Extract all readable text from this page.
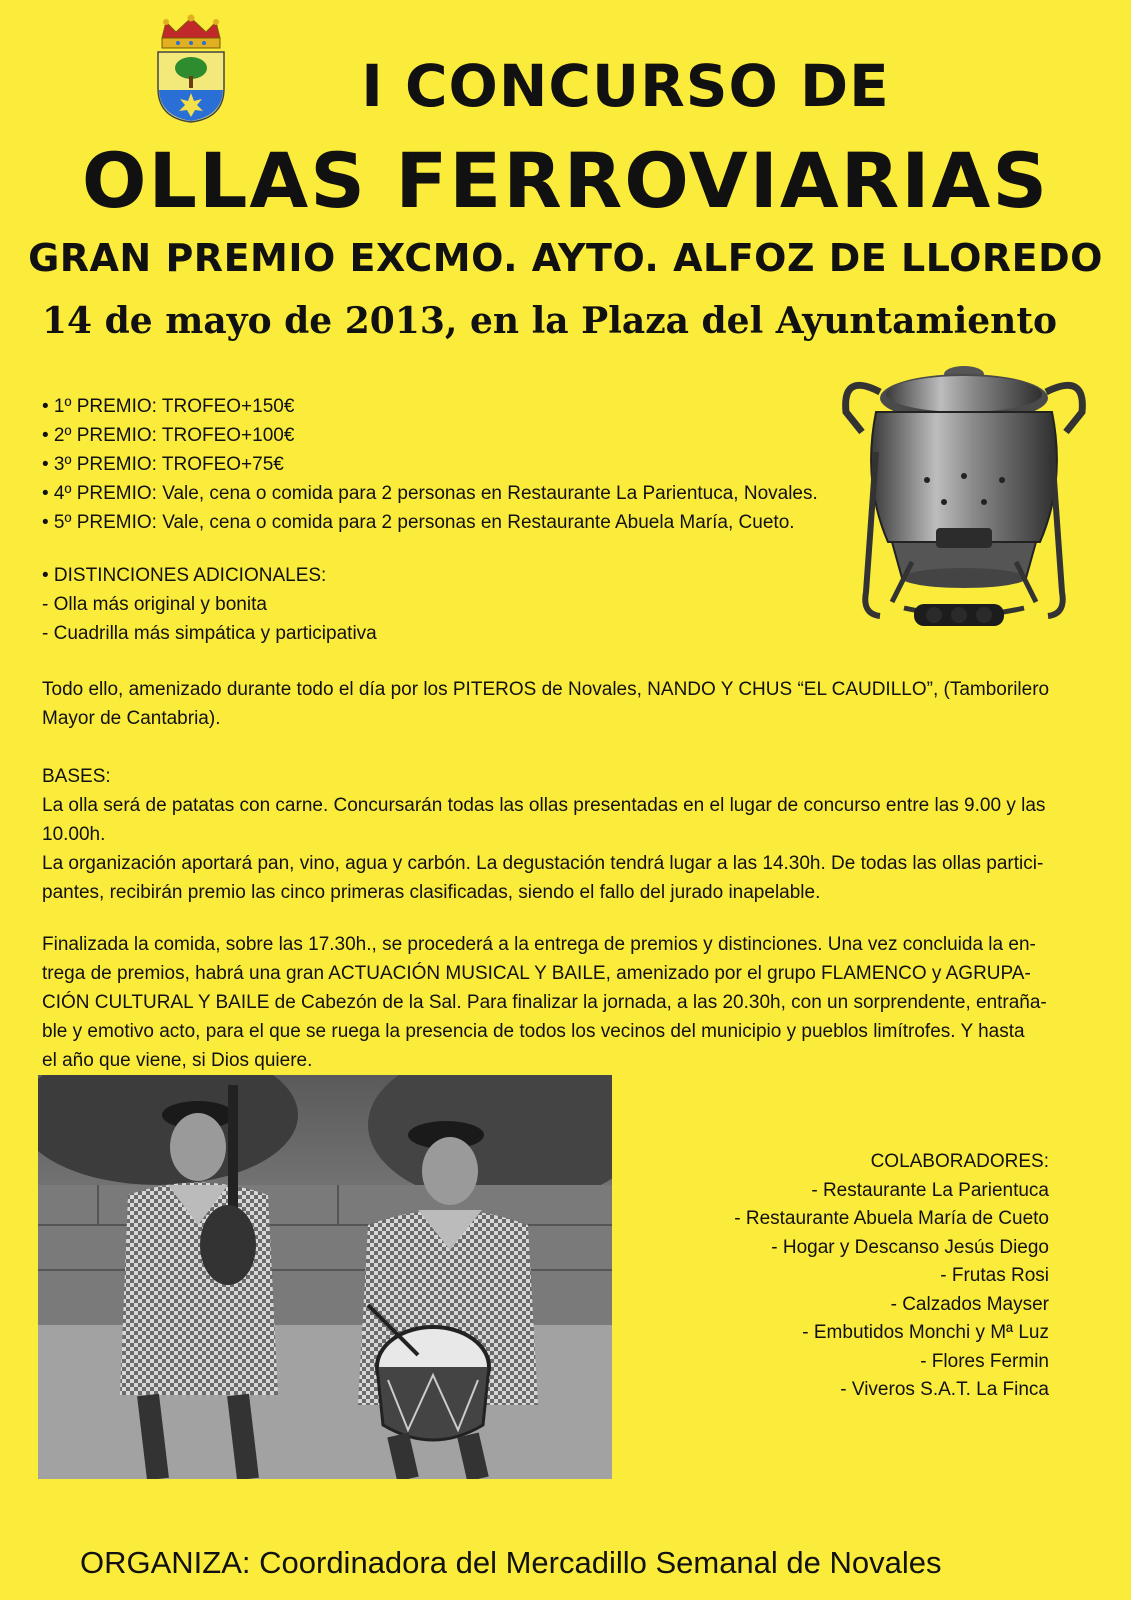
I CONCURSO DE
OLLAS FERROVIARIAS
GRAN PREMIO EXCMO. AYTO. ALFOZ DE LLOREDO
14 de mayo de 2013, en la Plaza del Ayuntamiento
• 1º PREMIO: TROFEO+150€
• 2º PREMIO: TROFEO+100€
• 3º PREMIO: TROFEO+75€
• 4º PREMIO: Vale, cena o comida para 2 personas en Restaurante La Parientuca, Novales.
• 5º PREMIO: Vale, cena o comida para 2 personas en Restaurante Abuela María, Cueto.
• DISTINCIONES ADICIONALES:
- Olla más original y bonita
- Cuadrilla más simpática y participativa
Todo ello, amenizado durante todo el día por los PITEROS de Novales, NANDO Y CHUS “EL CAUDILLO”, (Tamborilero
Mayor de Cantabria).
BASES:
La olla será de patatas con carne. Concursarán todas las ollas presentadas en el lugar de concurso entre las 9.00 y las
10.00h.
La organización aportará pan, vino, agua y carbón. La degustación tendrá lugar a las 14.30h. De todas las ollas partici-
pantes, recibirán premio las cinco primeras clasificadas, siendo el fallo del jurado inapelable.
Finalizada la comida, sobre las 17.30h., se procederá a la entrega de premios y distinciones. Una vez concluida la en-
trega de premios, habrá una gran ACTUACIÓN MUSICAL Y BAILE, amenizado por el grupo FLAMENCO y AGRUPA-
CIÓN CULTURAL Y BAILE de Cabezón de la Sal. Para finalizar la jornada, a las 20.30h, con un sorprendente, entraña-
ble y emotivo acto, para el que se ruega la presencia de todos los vecinos del municipio y pueblos limítrofes. Y hasta
el año que viene, si Dios quiere.
COLABORADORES:
- Restaurante La Parientuca
- Restaurante Abuela María de Cueto
- Hogar y Descanso Jesús Diego
- Frutas Rosi
- Calzados Mayser
- Embutidos Monchi y Mª Luz
- Flores Fermin
- Viveros S.A.T. La Finca
ORGANIZA: Coordinadora del Mercadillo Semanal de Novales
